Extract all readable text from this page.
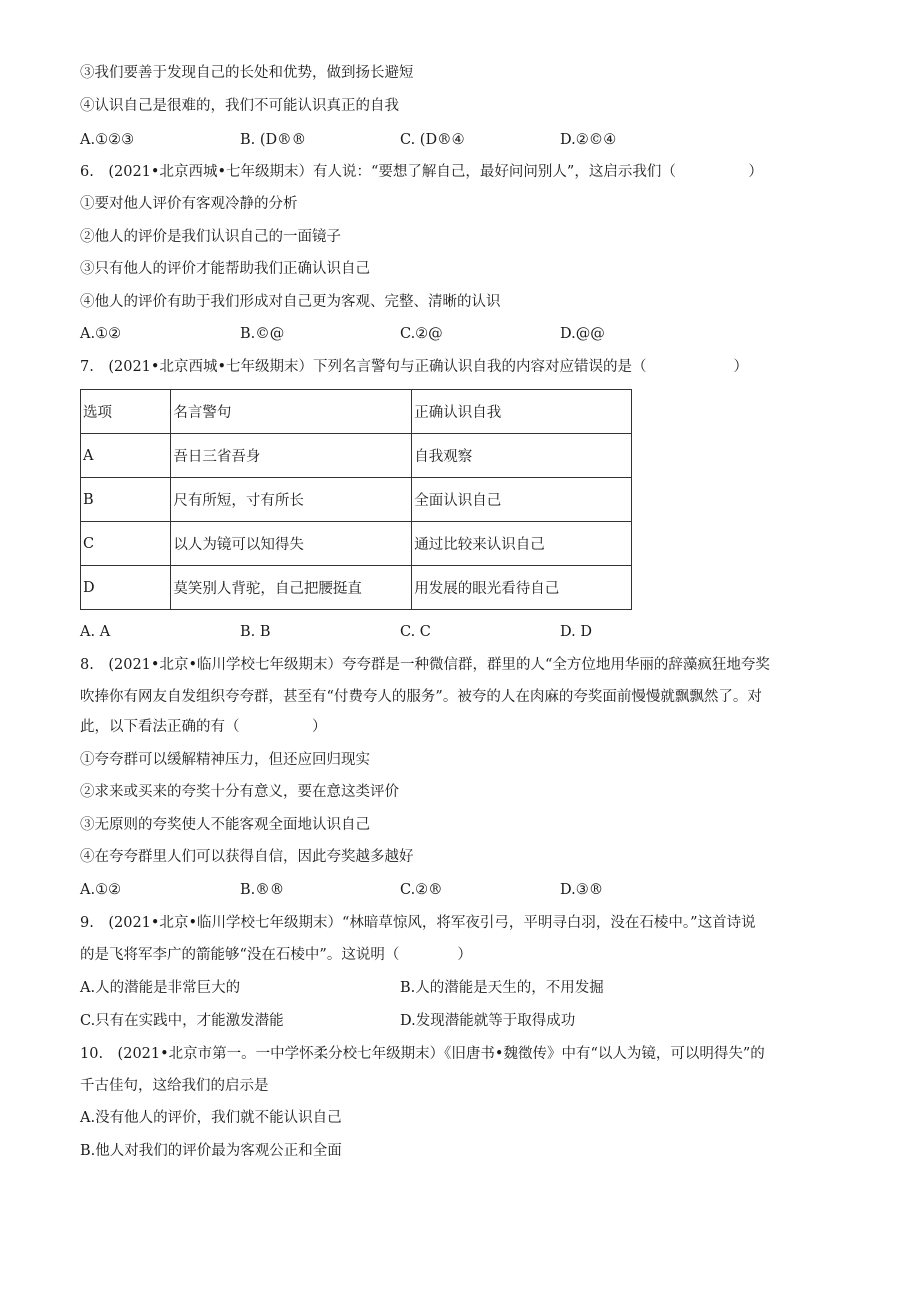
③我们要善于发现自己的长处和优势，做到扬长避短
④认识自己是很难的，我们不可能认识真正的自我
A.①②③	B. (D®®	C. (D®④	D.②©④
6.　(2021•北京西城•七年级期末）有人说：“要想了解自己，最好问问别人”，这启示我们（　　　　　）
①要对他人评价有客观冷静的分析
②他人的评价是我们认识自己的一面镜子
③只有他人的评价才能帮助我们正确认识自己
④他人的评价有助于我们形成对自己更为客观、完整、清晰的认识
A.①②	B.©@	C.②@	D.@@
7.　(2021•北京西城•七年级期末）下列名言警句与正确认识自我的内容对应错误的是（　　　　　　）
选项	名言警句	正确认识自我
A	吾日三省吾身	自我观察
B	尺有所短，寸有所长	全面认识自己
C	以人为镜可以知得失	通过比较来认识自己
D	莫笑别人背驼，自己把腰挺直	用发展的眼光看待自己
A. A	B. B	C. C	D. D
8.　(2021•北京•临川学校七年级期末）夸夸群是一种微信群，群里的人“全方位地用华丽的辞藻疯狂地夸奖
吹捧你有网友自发组织夸夸群，甚至有“付费夸人的服务”。被夸的人在肉麻的夸奖面前慢慢就飘飘然了。对
此，以下看法正确的有（　　　　　）
①夸夸群可以缓解精神压力，但还应回归现实
②求来或买来的夸奖十分有意义，要在意这类评价
③无原则的夸奖使人不能客观全面地认识自己
④在夸夸群里人们可以获得自信，因此夸奖越多越好
A.①②	B.®®	C.②®	D.③®
9.　(2021•北京•临川学校七年级期末）“林暗草惊风，将军夜引弓，平明寻白羽，没在石棱中。”这首诗说
的是飞将军李广的箭能够“没在石棱中”。这说明（　　　　）
A.人的潜能是非常巨大的	B.人的潜能是天生的，不用发掘
C.只有在实践中，才能激发潜能	D.发现潜能就等于取得成功
10.　(2021•北京市第一。一中学怀柔分校七年级期末）《旧唐书•魏徵传》中有“以人为镜，可以明得失”的
千古佳句，这给我们的启示是
A.没有他人的评价，我们就不能认识自己
B.他人对我们的评价最为客观公正和全面
